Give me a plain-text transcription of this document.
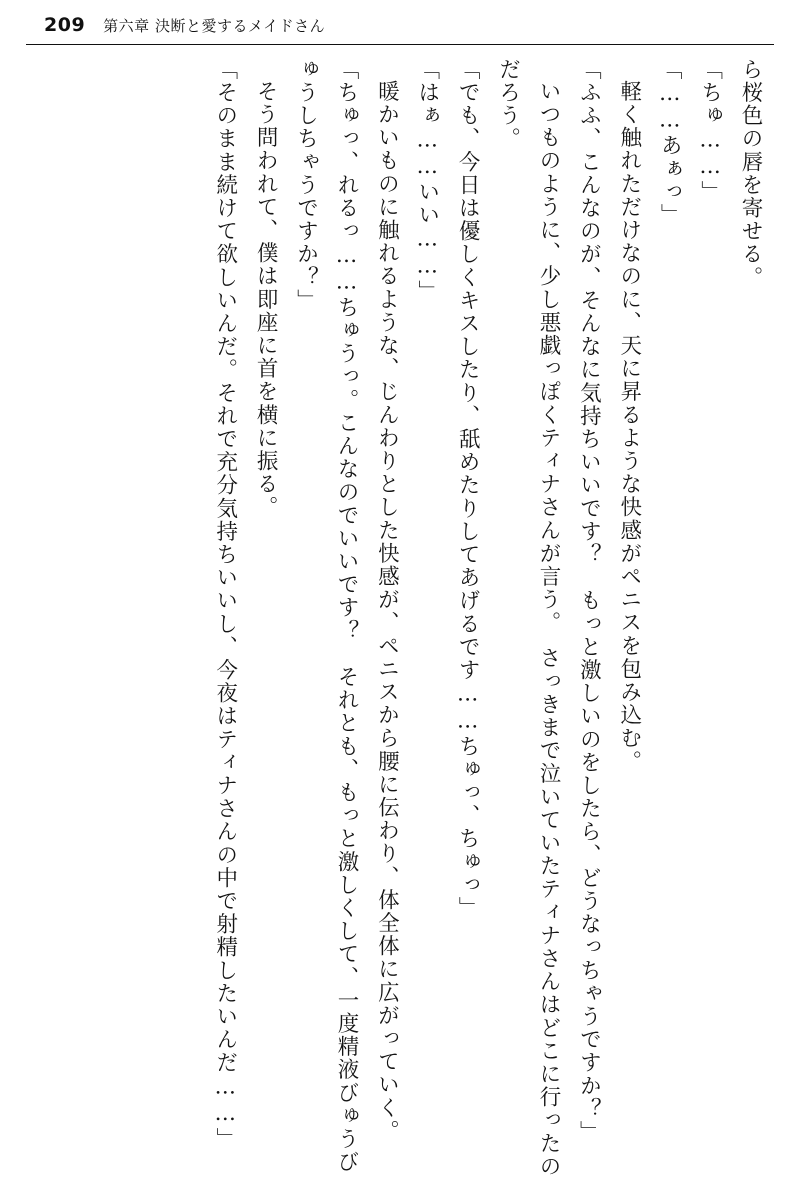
209 第六章 決断と愛するメイドさん

ら桜色の唇を寄せる。

「ちゅ……」

「……あぁっ」

軽く触れただけなのに、天に昇るような快感がペニスを包み込む。

「ふふ、こんなのが、そんなに気持ちいいです？　もっと激しいのをしたら、どうなっちゃうですか？」

いつものように、少し悪戯っぽくティナさんが言う。　さっきまで泣いていたティナさんはどこに行ったのだろう。

「でも、今日は優しくキスしたり、舐めたりしてあげるです……ちゅっ、ちゅっ」

「はぁ……いい……」

暖かいものに触れるような、じんわりとした快感が、ペニスから腰に伝わり、体全体に広がっていく。

「ちゅっ、れるっ……ちゅうっ。こんなのでいいです？　それとも、もっと激しくして、一度精液びゅうびゅうしちゃうですか？」

そう問われて、僕は即座に首を横に振る。

「そのまま続けて欲しいんだ。それで充分気持ちいいし、今夜はティナさんの中で射精したいんだ……」
